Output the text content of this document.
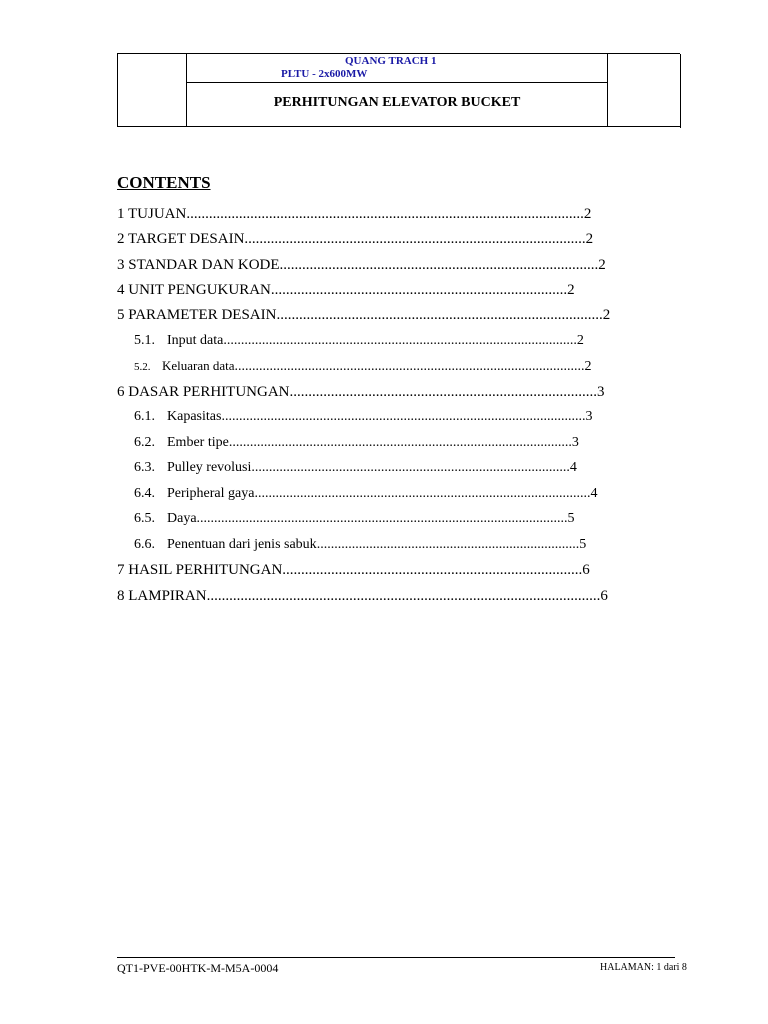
QUANG TRACH 1
PLTU - 2x600MW
PERHITUNGAN ELEVATOR BUCKET
CONTENTS
1 TUJUAN..........................................................................................................2
2 TARGET DESAIN...........................................................................................2
3 STANDAR DAN KODE.....................................................................................2
4 UNIT PENGUKURAN...............................................................................2
5 PARAMETER DESAIN.......................................................................................2
5.1. Input data.....................................................................................................2
5.2. Keluaran data....................................................................................................2
6 DASAR PERHITUNGAN..................................................................................3
6.1. Kapasitas........................................................................................................3
6.2. Ember tipe..................................................................................................3
6.3. Pulley revolusi...........................................................................................4
6.4. Peripheral gaya................................................................................................4
6.5. Daya..........................................................................................................5
6.6. Penentuan dari jenis sabuk...........................................................................5
7 HASIL PERHITUNGAN................................................................................6
8 LAMPIRAN.........................................................................................................6
QT1-PVE-00HTK-M-M5A-0004	HALAMAN: 1 dari 8
